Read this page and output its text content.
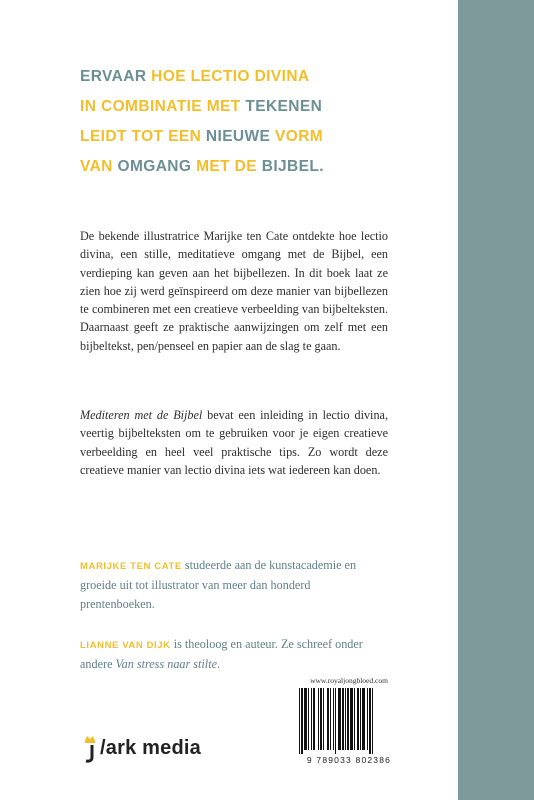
ERVAAR HOE LECTIO DIVINA
IN COMBINATIE MET TEKENEN
LEIDT TOT EEN NIEUWE VORM
VAN OMGANG MET DE BIJBEL.

De bekende illustratrice Marijke ten Cate ontdekte hoe lectio divina, een stille, meditatieve omgang met de Bijbel, een verdieping kan geven aan het bijbellezen. In dit boek laat ze zien hoe zij werd geïnspireerd om deze manier van bijbellezen te combineren met een creatieve verbeelding van bijbelteksten. Daarnaast geeft ze praktische aanwijzingen om zelf met een bijbeltekst, pen/penseel en papier aan de slag te gaan.

Mediteren met de Bijbel bevat een inleiding in lectio divina, veertig bijbelteksten om te gebruiken voor je eigen creatieve verbeelding en heel veel praktische tips. Zo wordt deze creatieve manier van lectio divina iets wat iedereen kan doen.

MARIJKE TEN CATE studeerde aan de kunstacademie en groeide uit tot illustrator van meer dan honderd prentenboeken.

LIANNE VAN DIJK is theoloog en auteur. Ze schreef onder andere Van stress naar stilte.

/ark media
www.royaljongbloed.com
9 789033 802386
